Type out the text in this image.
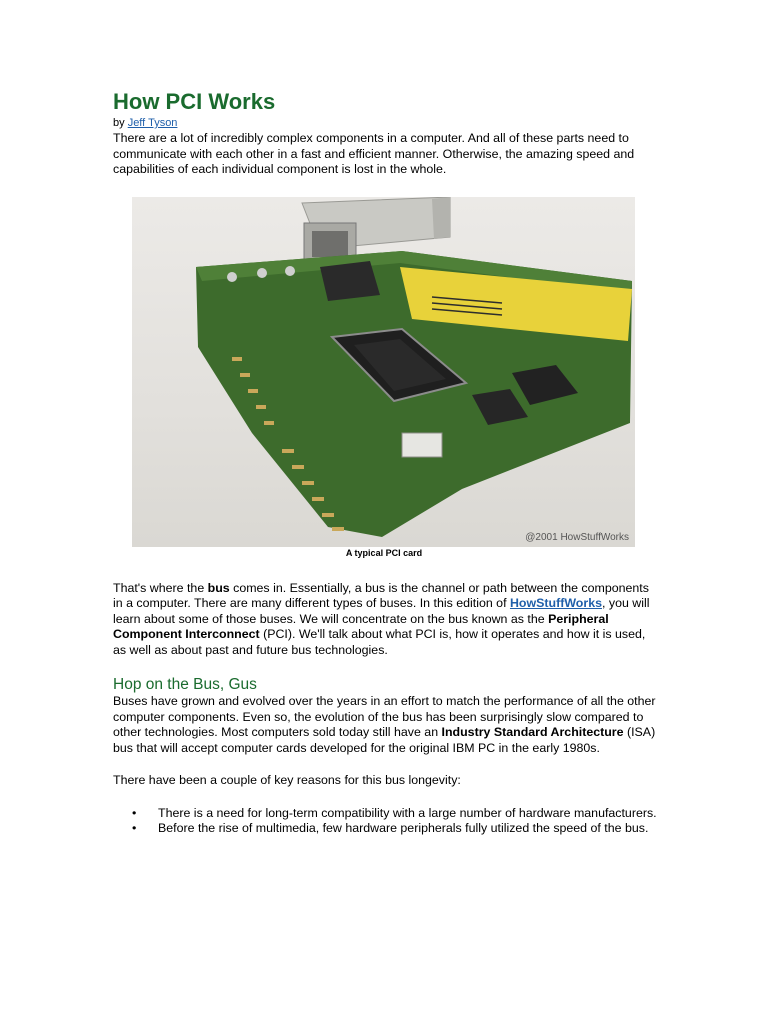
How PCI Works
by Jeff Tyson

There are a lot of incredibly complex components in a computer. And all of these parts need to communicate with each other in a fast and efficient manner. Otherwise, the amazing speed and capabilities of each individual component is lost in the whole.

@2001 HowStuffWorks
A typical PCI card

That's where the bus comes in. Essentially, a bus is the channel or path between the components in a computer. There are many different types of buses. In this edition of HowStuffWorks, you will learn about some of those buses. We will concentrate on the bus known as the Peripheral Component Interconnect (PCI). We'll talk about what PCI is, how it operates and how it is used, as well as about past and future bus technologies.

Hop on the Bus, Gus

Buses have grown and evolved over the years in an effort to match the performance of all the other computer components. Even so, the evolution of the bus has been surprisingly slow compared to other technologies. Most computers sold today still have an Industry Standard Architecture (ISA) bus that will accept computer cards developed for the original IBM PC in the early 1980s.

There have been a couple of key reasons for this bus longevity:

• There is a need for long-term compatibility with a large number of hardware manufacturers.
• Before the rise of multimedia, few hardware peripherals fully utilized the speed of the bus.
